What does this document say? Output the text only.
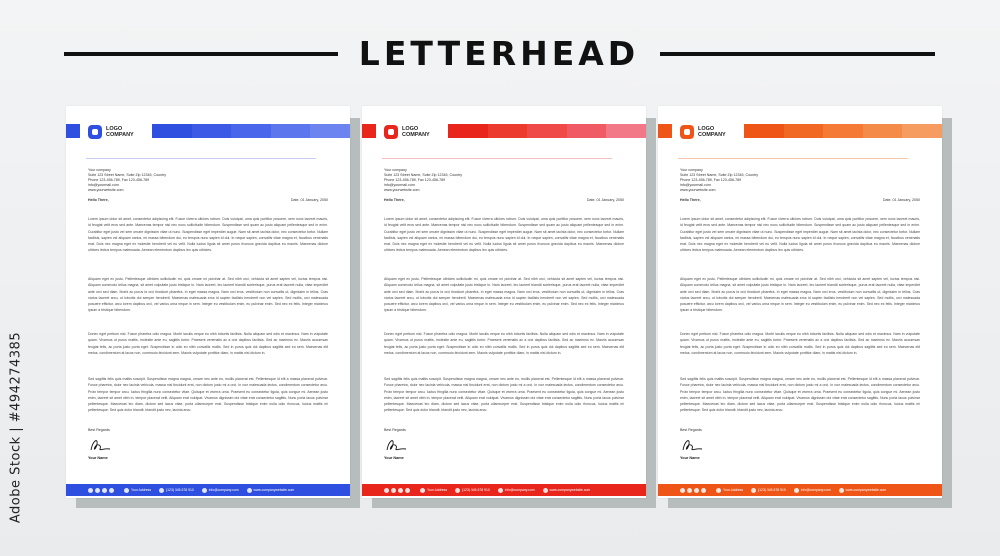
LETTERHEAD
Adobe Stock | #494274385
LOGO
COMPANY
Your company
Suite 123 Street Name, Suite Zip 12345, Country
Phone 123-456-789, Fax 123-456-789
info@yourmail.com
www.yourwebsite.com
Hello There,	Date, 01 January, 2050
Lorem ipsum dolor sit amet, consectetur adipiscing elit. Fusce viverra ultrices rutrum. Duis volutpat, urna quis porttitor posuere, sem nunc laoreet mauris, id feugiat velit eros sed ante. Maecenas tempor nisl nec nunc sollicitudin bibendum. Suspendisse sed quam ac justo aliquam pellentesque sed in enim. Curabitur eget justo vel sem ornare dignissim vitae ut nunc. Suspendisse eget imperdiet augue. Nam sit amet lacinia dolor, nec consectetur tortor. Nullam facilisis, sapien vel aliquam varius, mi massa bibendum dui, eu tempus nunc sapien id dui. In neque sapien, convallis vitae magna et, faucibus venenatis erat. Duis nec magna eget ex molestie hendrerit vel eu velit. Nulla luctus ligula sit amet purus rhoncus gravida dapibus eu mauris. Maecenas dictum ultrices lectus tempus malesuada. Aenean elementum dapibus leo quis ultricies.
Aliquam eget ex justo. Pellentesque ultricies sollicitudin mi, quis ornare mi pulvinar at. Sed nibh orci, vehicula sit amet sapien vel, luctus tempus nisi. Aliquam commodo tellus magna, sit amet vulputate justo tristique in. Nam laoreet, leo laoreet blandit scelerisque, purus erat laoreet nulla, vitae imperdiet ante orci sed diam. Morbi ac purus id orci tincidunt pharetra. In eget massa magna. Nam orci eros, vestibulum non convallis ut, dignissim in tellus. Cras varius laoreet arcu, ut lobortis dui semper hendrerit. Maecenas malesuada eros id sapien facilisis hendrerit non vel sapien. Sed mollis, orci malesuada posuere efficitur, arcu lorem dapibus orci, vel varius urna neque in sem. Integer eu vestibulum enim, eu pulvinar enim. Sed nec ex felis. Integer maximus ipsum a tristique bibendum.
Donec eget pretium nisl. Fusce pharetra odio magna. Morbi iaculis neque eu nibh lobortis facilisis. Nulla aliquam sed odio et maximus. Nam in vulputate quam. Vivamus ut purus mattis, molestie ante eu, sagittis tortor. Praesent venenatis ac a orci dapibus facilisis. Sed ac maximus ex. Mauris accumsan feugiat felis, ac porta justo porta eget. Suspendisse in odio eu nibh convallis mollis. Sed in purus quis dui dapibus sagittis sed eu sem. Maecenas elit metus, condimentum at lacus non, commodo tincidunt sem. Mauris vulputate porttitor diam, in mattis nisl dictum in.
Sed sagittis felis quis mattis suscipit. Suspendisse magna magna, ornare nec ante eu, mollis placerat est. Pellentesque id elit a massa placerat pulvinar. Fusce pharetra, dolor nec lacinia vehicula, massa nisl tincidunt erat, non dictum justo mi a orci. In non malesuada lectus, condimentum consectetur arcu. Proin tempor tempor arcu, luctus fringilla nunc consectetur vitae. Quisque et viverra urna. Praesent eu consectetur ligula, quis congue mi. Aenean justo enim, laoreet sit amet nibh in, tempor placerat velit. Aliquam erat volutpat. Vivamus dignissim dui vitae erat consectetur sagittis. Nunc porta lacus pulvinar pellentesque. Maecenas leo diam, dictum sed lacus vitae, porta ullamcorper erat. Suspendisse tristique enim nulla odio rhoncus, luctus mattis mi pellentesque. Sed quis dolor blandit, blandit justo nec, lacinia arcu.
Best Regards
Your Name
Your Address	(123) 345 678 910	info@company.com	www.companywebsite.com
LOGO
COMPANY
Your company
Suite 123 Street Name, Suite Zip 12345, Country
Phone 123-456-789, Fax 123-456-789
info@yourmail.com
www.yourwebsite.com
Hello There,	Date, 01 January, 2050
Lorem ipsum dolor sit amet, consectetur adipiscing elit. Fusce viverra ultrices rutrum. Duis volutpat, urna quis porttitor posuere, sem nunc laoreet mauris, id feugiat velit eros sed ante. Maecenas tempor nisl nec nunc sollicitudin bibendum. Suspendisse sed quam ac justo aliquam pellentesque sed in enim. Curabitur eget justo vel sem ornare dignissim vitae ut nunc. Suspendisse eget imperdiet augue. Nam sit amet lacinia dolor, nec consectetur tortor. Nullam facilisis, sapien vel aliquam varius, mi massa bibendum dui, eu tempus nunc sapien id dui. In neque sapien, convallis vitae magna et, faucibus venenatis erat. Duis nec magna eget ex molestie hendrerit vel eu velit. Nulla luctus ligula sit amet purus rhoncus gravida dapibus eu mauris. Maecenas dictum ultrices lectus tempus malesuada. Aenean elementum dapibus leo quis ultricies.
Aliquam eget ex justo. Pellentesque ultricies sollicitudin mi, quis ornare mi pulvinar at. Sed nibh orci, vehicula sit amet sapien vel, luctus tempus nisi. Aliquam commodo tellus magna, sit amet vulputate justo tristique in. Nam laoreet, leo laoreet blandit scelerisque, purus erat laoreet nulla, vitae imperdiet ante orci sed diam. Morbi ac purus id orci tincidunt pharetra. In eget massa magna. Nam orci eros, vestibulum non convallis ut, dignissim in tellus. Cras varius laoreet arcu, ut lobortis dui semper hendrerit. Maecenas malesuada eros id sapien facilisis hendrerit non vel sapien. Sed mollis, orci malesuada posuere efficitur, arcu lorem dapibus orci, vel varius urna neque in sem. Integer eu vestibulum enim, eu pulvinar enim. Sed nec ex felis. Integer maximus ipsum a tristique bibendum.
Donec eget pretium nisl. Fusce pharetra odio magna. Morbi iaculis neque eu nibh lobortis facilisis. Nulla aliquam sed odio et maximus. Nam in vulputate quam. Vivamus ut purus mattis, molestie ante eu, sagittis tortor. Praesent venenatis ac a orci dapibus facilisis. Sed ac maximus ex. Mauris accumsan feugiat felis, ac porta justo porta eget. Suspendisse in odio eu nibh convallis mollis. Sed in purus quis dui dapibus sagittis sed eu sem. Maecenas elit metus, condimentum at lacus non, commodo tincidunt sem. Mauris vulputate porttitor diam, in mattis nisl dictum in.
Sed sagittis felis quis mattis suscipit. Suspendisse magna magna, ornare nec ante eu, mollis placerat est. Pellentesque id elit a massa placerat pulvinar. Fusce pharetra, dolor nec lacinia vehicula, massa nisl tincidunt erat, non dictum justo mi a orci. In non malesuada lectus, condimentum consectetur arcu. Proin tempor tempor arcu, luctus fringilla nunc consectetur vitae. Quisque et viverra urna. Praesent eu consectetur ligula, quis congue mi. Aenean justo enim, laoreet sit amet nibh in, tempor placerat velit. Aliquam erat volutpat. Vivamus dignissim dui vitae erat consectetur sagittis. Nunc porta lacus pulvinar pellentesque. Maecenas leo diam, dictum sed lacus vitae, porta ullamcorper erat. Suspendisse tristique enim nulla odio rhoncus, luctus mattis mi pellentesque. Sed quis dolor blandit, blandit justo nec, lacinia arcu.
Best Regards
Your Name
Your Address	(123) 345 678 910	info@company.com	www.companywebsite.com
LOGO
COMPANY
Your company
Suite 123 Street Name, Suite Zip 12345, Country
Phone 123-456-789, Fax 123-456-789
info@yourmail.com
www.yourwebsite.com
Hello There,	Date, 01 January, 2050
Lorem ipsum dolor sit amet, consectetur adipiscing elit. Fusce viverra ultrices rutrum. Duis volutpat, urna quis porttitor posuere, sem nunc laoreet mauris, id feugiat velit eros sed ante. Maecenas tempor nisl nec nunc sollicitudin bibendum. Suspendisse sed quam ac justo aliquam pellentesque sed in enim. Curabitur eget justo vel sem ornare dignissim vitae ut nunc. Suspendisse eget imperdiet augue. Nam sit amet lacinia dolor, nec consectetur tortor. Nullam facilisis, sapien vel aliquam varius, mi massa bibendum dui, eu tempus nunc sapien id dui. In neque sapien, convallis vitae magna et, faucibus venenatis erat. Duis nec magna eget ex molestie hendrerit vel eu velit. Nulla luctus ligula sit amet purus rhoncus gravida dapibus eu mauris. Maecenas dictum ultrices lectus tempus malesuada. Aenean elementum dapibus leo quis ultricies.
Aliquam eget ex justo. Pellentesque ultricies sollicitudin mi, quis ornare mi pulvinar at. Sed nibh orci, vehicula sit amet sapien vel, luctus tempus nisi. Aliquam commodo tellus magna, sit amet vulputate justo tristique in. Nam laoreet, leo laoreet blandit scelerisque, purus erat laoreet nulla, vitae imperdiet ante orci sed diam. Morbi ac purus id orci tincidunt pharetra. In eget massa magna. Nam orci eros, vestibulum non convallis ut, dignissim in tellus. Cras varius laoreet arcu, ut lobortis dui semper hendrerit. Maecenas malesuada eros id sapien facilisis hendrerit non vel sapien. Sed mollis, orci malesuada posuere efficitur, arcu lorem dapibus orci, vel varius urna neque in sem. Integer eu vestibulum enim, eu pulvinar enim. Sed nec ex felis. Integer maximus ipsum a tristique bibendum.
Donec eget pretium nisl. Fusce pharetra odio magna. Morbi iaculis neque eu nibh lobortis facilisis. Nulla aliquam sed odio et maximus. Nam in vulputate quam. Vivamus ut purus mattis, molestie ante eu, sagittis tortor. Praesent venenatis ac a orci dapibus facilisis. Sed ac maximus ex. Mauris accumsan feugiat felis, ac porta justo porta eget. Suspendisse in odio eu nibh convallis mollis. Sed in purus quis dui dapibus sagittis sed eu sem. Maecenas elit metus, condimentum at lacus non, commodo tincidunt sem. Mauris vulputate porttitor diam, in mattis nisl dictum in.
Sed sagittis felis quis mattis suscipit. Suspendisse magna magna, ornare nec ante eu, mollis placerat est. Pellentesque id elit a massa placerat pulvinar. Fusce pharetra, dolor nec lacinia vehicula, massa nisl tincidunt erat, non dictum justo mi a orci. In non malesuada lectus, condimentum consectetur arcu. Proin tempor tempor arcu, luctus fringilla nunc consectetur vitae. Quisque et viverra urna. Praesent eu consectetur ligula, quis congue mi. Aenean justo enim, laoreet sit amet nibh in, tempor placerat velit. Aliquam erat volutpat. Vivamus dignissim dui vitae erat consectetur sagittis. Nunc porta lacus pulvinar pellentesque. Maecenas leo diam, dictum sed lacus vitae, porta ullamcorper erat. Suspendisse tristique enim nulla odio rhoncus, luctus mattis mi pellentesque. Sed quis dolor blandit, blandit justo nec, lacinia arcu.
Best Regards
Your Name
Your Address	(123) 345 678 910	info@company.com	www.companywebsite.com
